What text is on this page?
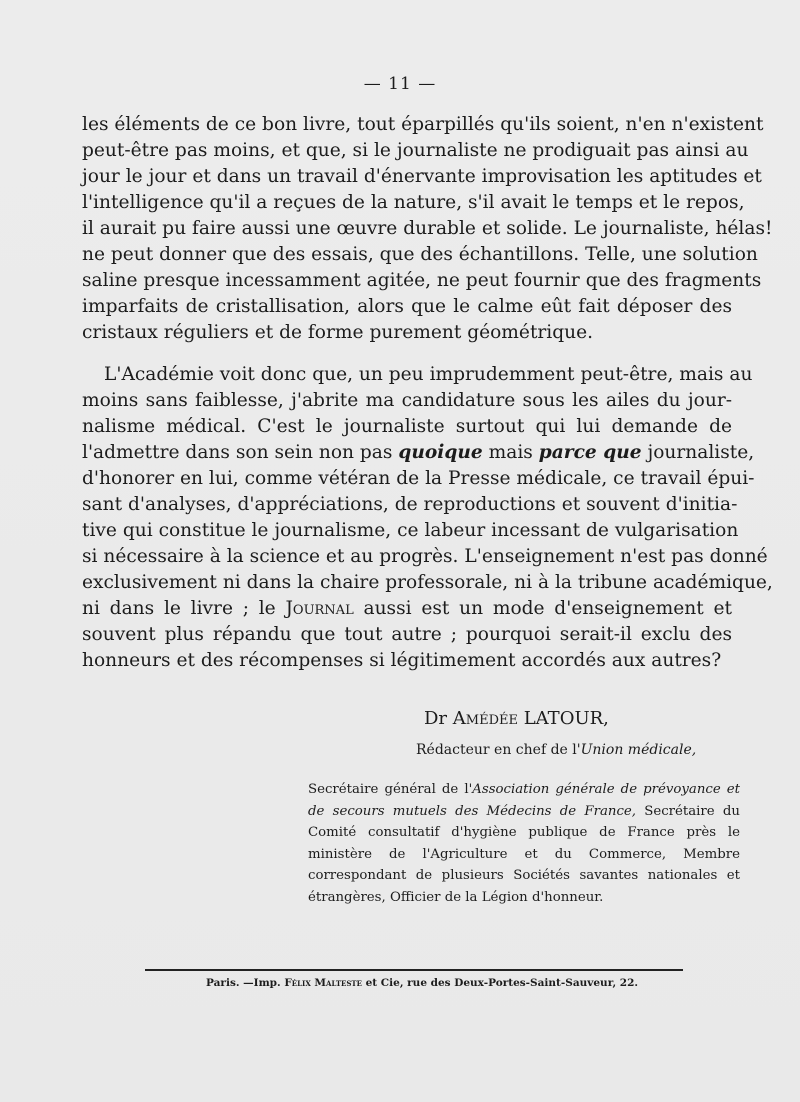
— 11 —
les éléments de ce bon livre, tout éparpillés qu'ils soient, n'en n'existent
peut-être pas moins, et que, si le journaliste ne prodiguait pas ainsi au
jour le jour et dans un travail d'énervante improvisation les aptitudes et
l'intelligence qu'il a reçues de la nature, s'il avait le temps et le repos,
il aurait pu faire aussi une œuvre durable et solide. Le journaliste, hélas!
ne peut donner que des essais, que des échantillons. Telle, une solution
saline presque incessamment agitée, ne peut fournir que des fragments
imparfaits de cristallisation, alors que le calme eût fait déposer des
cristaux réguliers et de forme purement géométrique.
L'Académie voit donc que, un peu imprudemment peut-être, mais au
moins sans faiblesse, j'abrite ma candidature sous les ailes du jour-
nalisme médical. C'est le journaliste surtout qui lui demande de
l'admettre dans son sein non pas quoique mais parce que journaliste,
d'honorer en lui, comme vétéran de la Presse médicale, ce travail épui-
sant d'analyses, d'appréciations, de reproductions et souvent d'initia-
tive qui constitue le journalisme, ce labeur incessant de vulgarisation
si nécessaire à la science et au progrès. L'enseignement n'est pas donné
exclusivement ni dans la chaire professorale, ni à la tribune académique,
ni dans le livre ; le Journal aussi est un mode d'enseignement et
souvent plus répandu que tout autre ; pourquoi serait-il exclu des
honneurs et des récompenses si légitimement accordés aux autres?
Dr Amédée LATOUR,
Rédacteur en chef de l'Union médicale,
Secrétaire général de l'Association générale de prévoyance et de secours mutuels des Médecins de France, Secrétaire du Comité consultatif d'hygiène publique de France près le ministère de l'Agriculture et du Commerce, Membre correspondant de plusieurs Sociétés savantes nationales et étrangères, Officier de la Légion d'honneur.
Paris. —Imp. Félix Malteste et Cie, rue des Deux-Portes-Saint-Sauveur, 22.
